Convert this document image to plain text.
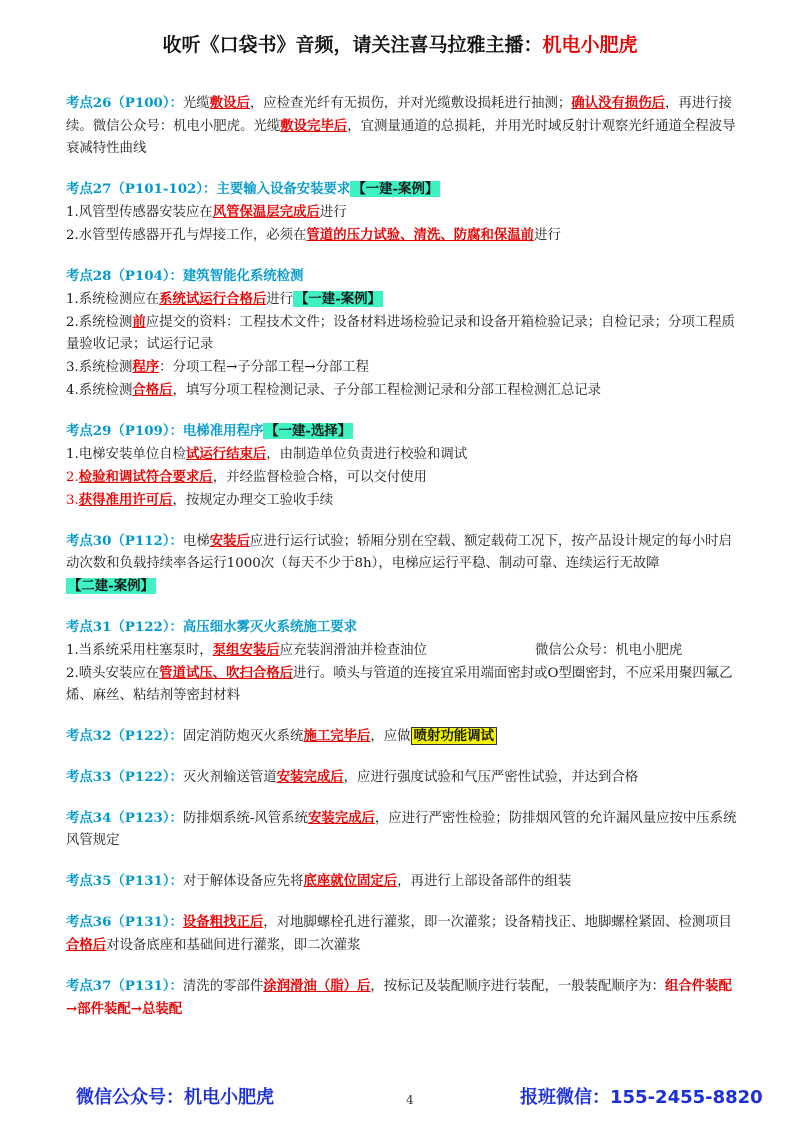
收听《口袋书》音频，请关注喜马拉雅主播：机电小肥虎

考点26（P100）：光缆敷设后，应检查光纤有无损伤，并对光缆敷设损耗进行抽测；确认没有损伤后，再进行接续。微信公众号：机电小肥虎。光缆敷设完毕后，宜测量通道的总损耗，并用光时域反射计观察光纤通道全程波导衰减特性曲线

考点27（P101-102）：主要输入设备安装要求 【一建-案例】

1.风管型传感器安装应在风管保温层完成后进行

2.水管型传感器开孔与焊接工作，必须在管道的压力试验、清洗、防腐和保温前进行

考点28（P104）：建筑智能化系统检测

1.系统检测应在系统试运行合格后进行 【一建-案例】

2.系统检测前应提交的资料：工程技术文件；设备材料进场检验记录和设备开箱检验记录；自检记录；分项工程质量验收记录；试运行记录

3.系统检测程序：分项工程→子分部工程→分部工程

4.系统检测合格后，填写分项工程检测记录、子分部工程检测记录和分部工程检测汇总记录

考点29（P109）：电梯准用程序 【一建-选择】

1.电梯安装单位自检试运行结束后，由制造单位负责进行校验和调试

2.检验和调试符合要求后，并经监督检验合格，可以交付使用

3.获得准用许可后，按规定办理交工验收手续

考点30（P112）：电梯安装后应进行运行试验；轿厢分别在空载、额定载荷工况下，按产品设计规定的每小时启动次数和负载持续率各运行1000次（每天不少于8h），电梯应运行平稳、制动可靠、连续运行无故障【二建-案例】

考点31（P122）：高压细水雾灭火系统施工要求

1.当系统采用柱塞泵时，泵组安装后应充装润滑油并检查油位	微信公众号：机电小肥虎

2.喷头安装应在管道试压、吹扫合格后进行。喷头与管道的连接宜采用端面密封或O型圈密封，不应采用聚四氟乙烯、麻丝、粘结剂等密封材料

考点32（P122）：固定消防炮灭火系统施工完毕后，应做 喷射功能调试

考点33（P122）：灭火剂输送管道安装完成后，应进行强度试验和气压严密性试验，并达到合格

考点34（P123）：防排烟系统-风管系统安装完成后，应进行严密性检验；防排烟风管的允许漏风量应按中压系统风管规定

考点35（P131）：对于解体设备应先将底座就位固定后，再进行上部设备部件的组装

考点36（P131）：设备粗找正后，对地脚螺栓孔进行灌浆，即一次灌浆；设备精找正、地脚螺栓紧固、检测项目合格后对设备底座和基础间进行灌浆，即二次灌浆

考点37（P131）：清洗的零部件涂润滑油（脂）后，按标记及装配顺序进行装配，一般装配顺序为：组合件装配→部件装配→总装配

微信公众号：机电小肥虎	4	报班微信：155-2455-8820
